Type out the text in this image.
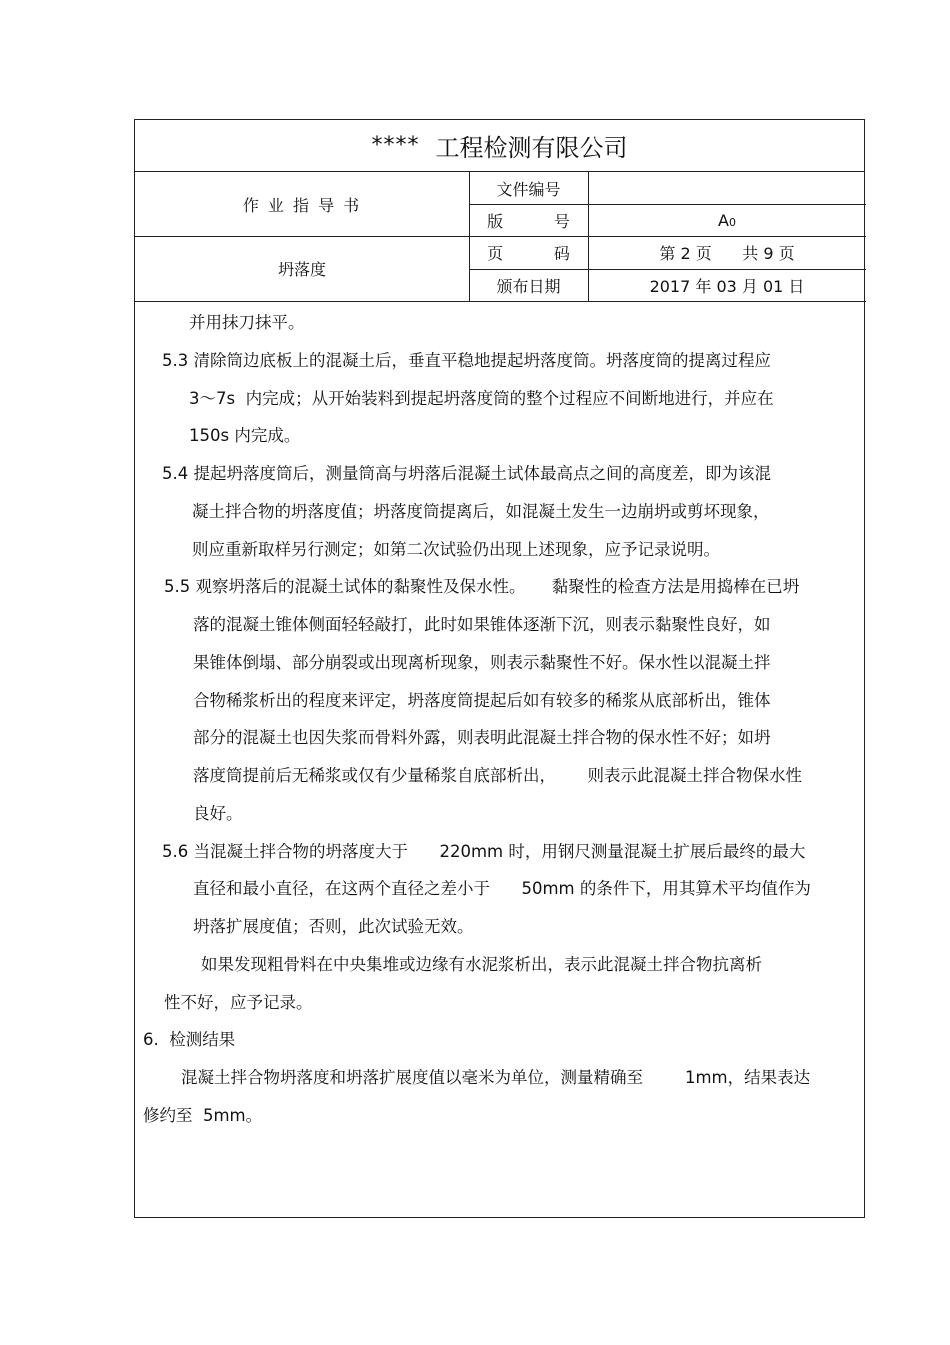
**** 工程检测有限公司
作 业 指 导 书
坍落度
文件编号
版          号
页          码
颁布日期
A 0
第 2 页      共 9 页
2017 年 03 月 01 日
并用抹刀抹平。
5.3 清除筒边底板上的混凝土后，垂直平稳地提起坍落度筒。坍落度筒的提离过程应
3～7s  内完成；从开始装料到提起坍落度筒的整个过程应不间断地进行，并应在
150s 内完成。
5.4 提起坍落度筒后，测量筒高与坍落后混凝土试体最高点之间的高度差，即为该混
凝土拌合物的坍落度值；坍落度筒提离后，如混凝土发生一边崩坍或剪坏现象，
则应重新取样另行测定；如第二次试验仍出现上述现象，应予记录说明。
5.5 观察坍落后的混凝土试体的黏聚性及保水性。     黏聚性的检查方法是用捣棒在已坍
落的混凝土锥体侧面轻轻敲打，此时如果锥体逐渐下沉，则表示黏聚性良好，如
果锥体倒塌、部分崩裂或出现离析现象，则表示黏聚性不好。保水性以混凝土拌
合物稀浆析出的程度来评定，坍落度筒提起后如有较多的稀浆从底部析出，锥体
部分的混凝土也因失浆而骨料外露，则表明此混凝土拌合物的保水性不好；如坍
落度筒提前后无稀浆或仅有少量稀浆自底部析出，      则表示此混凝土拌合物保水性
良好。
5.6 当混凝土拌合物的坍落度大于      220mm 时，用钢尺测量混凝土扩展后最终的最大
直径和最小直径，在这两个直径之差小于      50mm 的条件下，用其算术平均值作为
坍落扩展度值；否则，此次试验无效。
如果发现粗骨料在中央集堆或边缘有水泥浆析出，表示此混凝土拌合物抗离析
性不好，应予记录。
6.  检测结果
混凝土拌合物坍落度和坍落扩展度值以毫米为单位，测量精确至        1mm，结果表达
修约至  5mm。
